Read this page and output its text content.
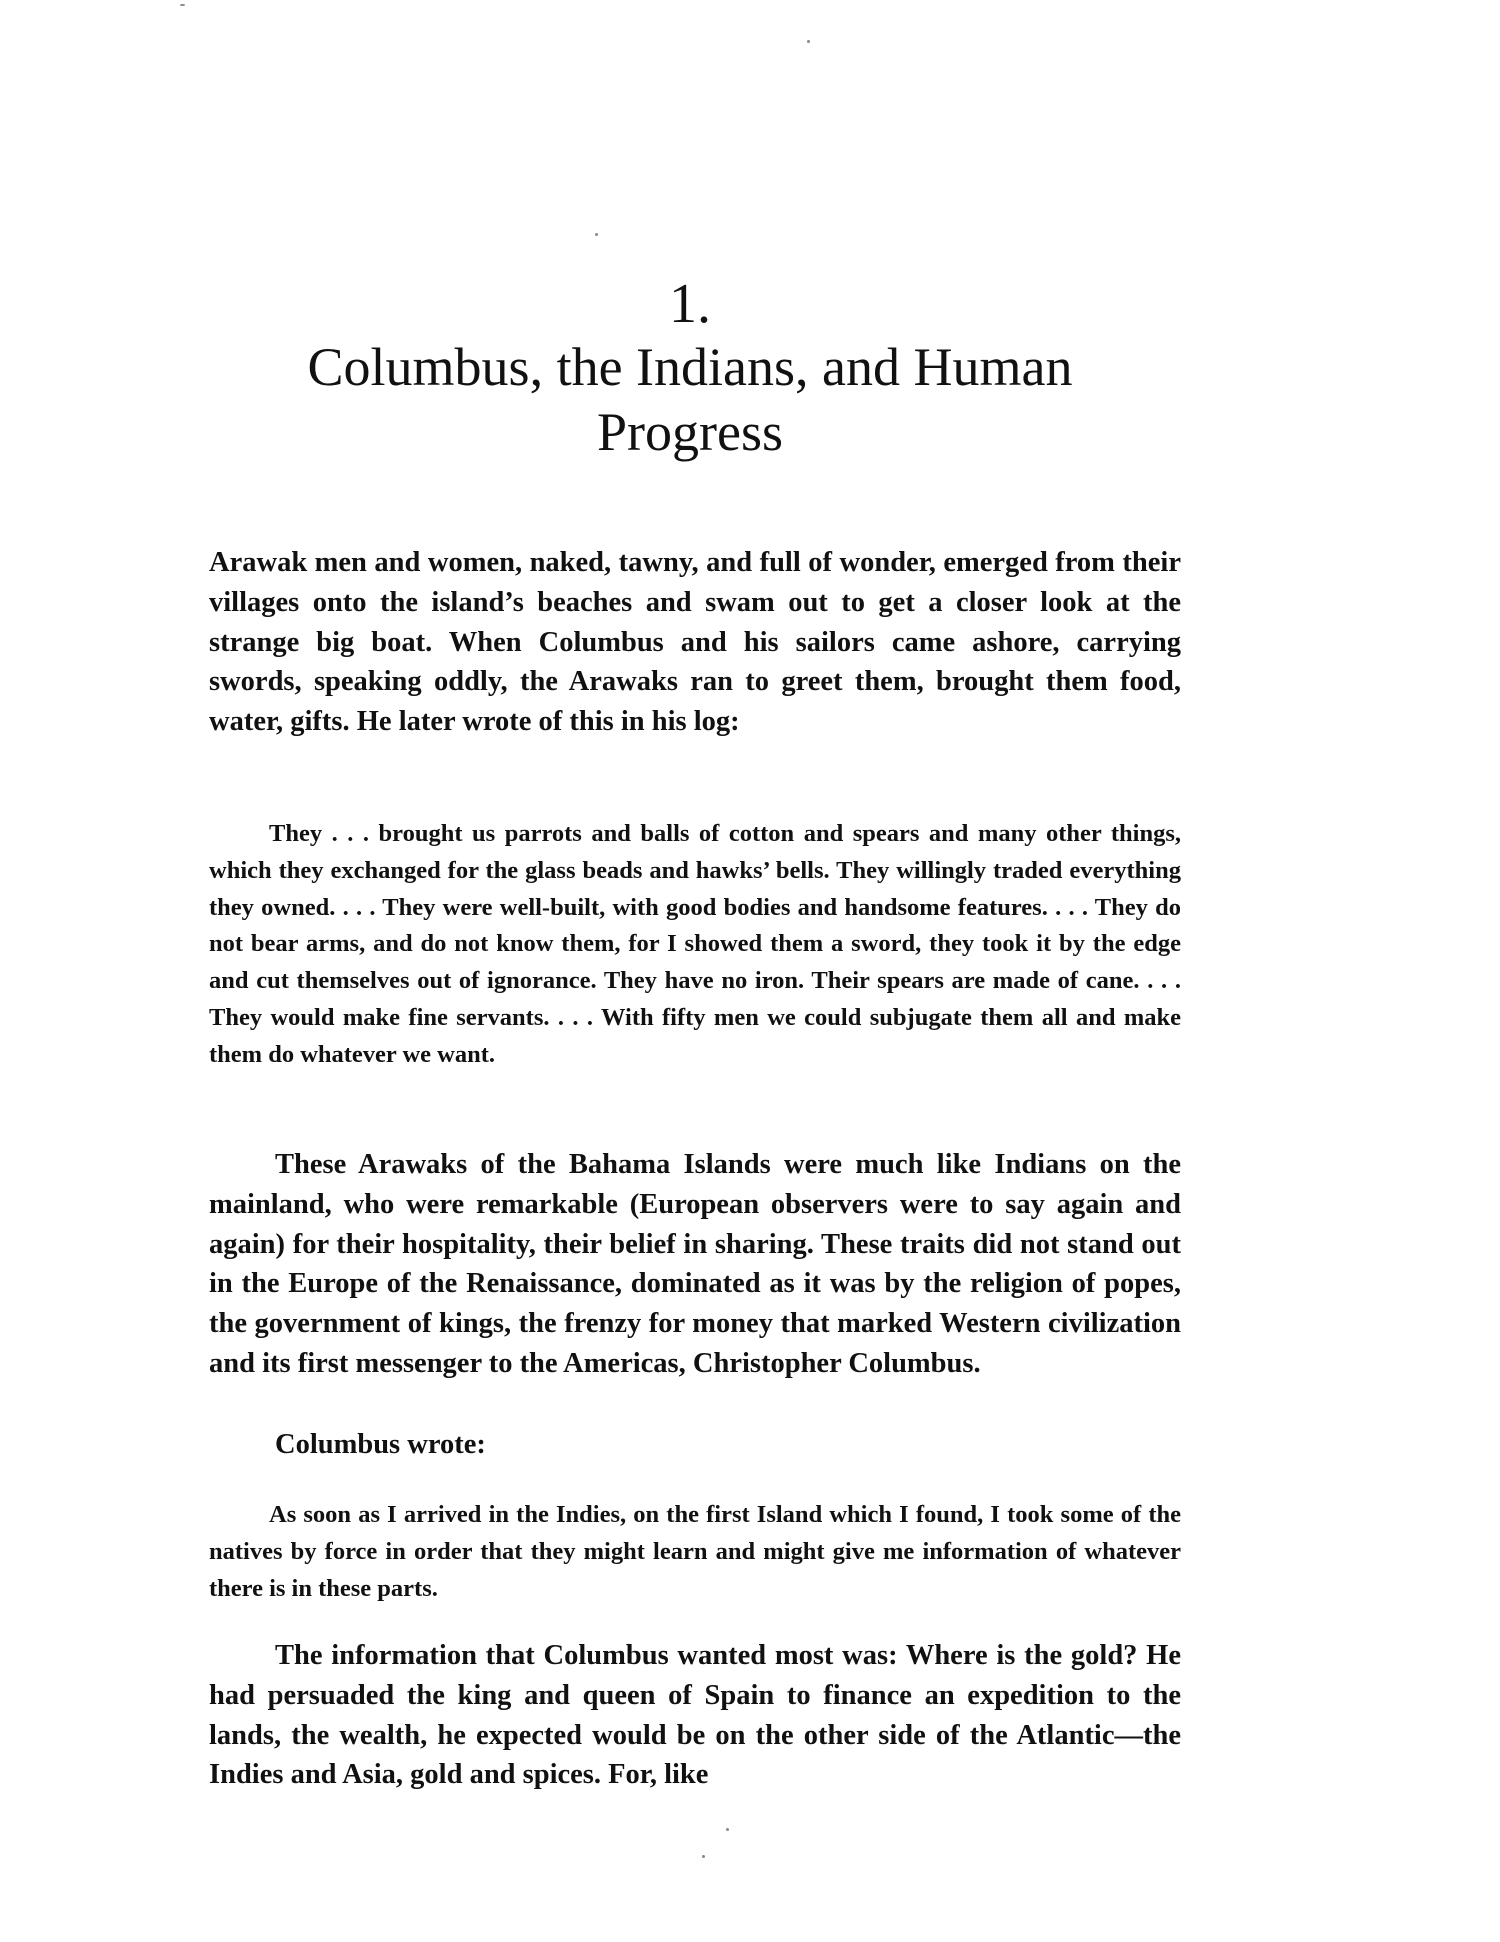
1.
Columbus, the Indians, and Human Progress

Arawak men and women, naked, tawny, and full of wonder, emerged from their villages onto the island’s beaches and swam out to get a closer look at the strange big boat. When Columbus and his sailors came ashore, carrying swords, speaking oddly, the Arawaks ran to greet them, brought them food, water, gifts. He later wrote of this in his log:

They . . . brought us parrots and balls of cotton and spears and many other things, which they exchanged for the glass beads and hawks’ bells. They willingly traded everything they owned. . . . They were well-built, with good bodies and handsome features. . . . They do not bear arms, and do not know them, for I showed them a sword, they took it by the edge and cut themselves out of ignorance. They have no iron. Their spears are made of cane. . . . They would make fine servants. . . . With fifty men we could subjugate them all and make them do whatever we want.

These Arawaks of the Bahama Islands were much like Indians on the mainland, who were remarkable (European observers were to say again and again) for their hospitality, their belief in sharing. These traits did not stand out in the Europe of the Renaissance, dominated as it was by the religion of popes, the government of kings, the frenzy for money that marked Western civilization and its first messenger to the Americas, Christopher Columbus.

Columbus wrote:

As soon as I arrived in the Indies, on the first Island which I found, I took some of the natives by force in order that they might learn and might give me information of whatever there is in these parts.

The information that Columbus wanted most was: Where is the gold? He had persuaded the king and queen of Spain to finance an expedition to the lands, the wealth, he expected would be on the other side of the Atlantic—the Indies and Asia, gold and spices. For, like
